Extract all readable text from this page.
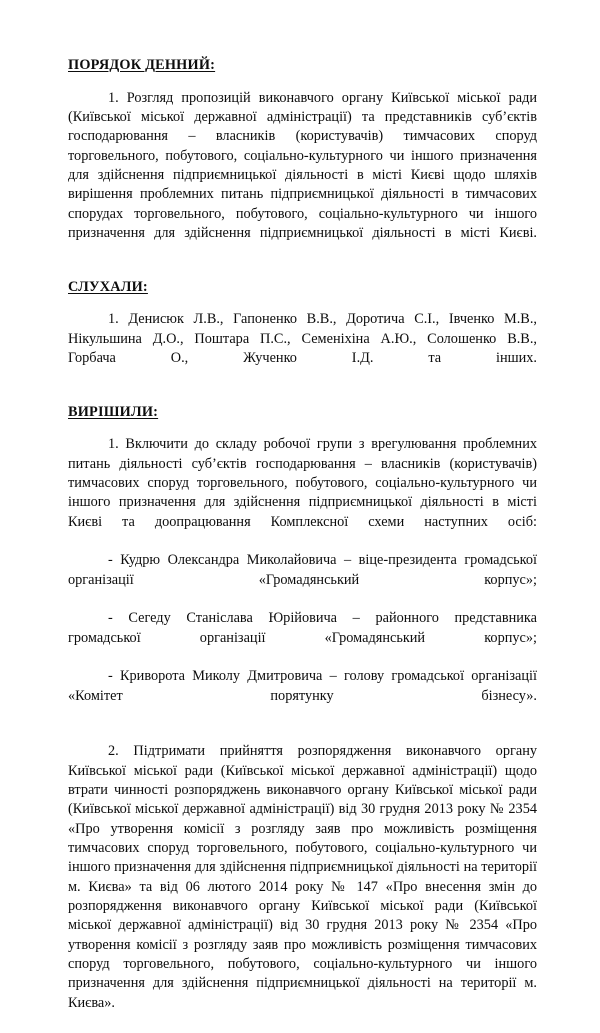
ПОРЯДОК ДЕННИЙ:

1. Розгляд пропозицій виконавчого органу Київської міської ради (Київської міської державної адміністрації) та представників суб’єктів господарювання – власників (користувачів) тимчасових споруд торговельного, побутового, соціально-культурного чи іншого призначення для здійснення підприємницької діяльності в місті Києві щодо шляхів вирішення проблемних питань підприємницької діяльності в тимчасових спорудах торговельного, побутового, соціально-культурного чи іншого призначення для здійснення підприємницької діяльності в місті Києві.

СЛУХАЛИ:

1. Денисюк Л.В., Гапоненко В.В., Доротича С.І., Івченко М.В., Нікульшина Д.О., Поштара П.С., Семеніхіна А.Ю., Солошенко В.В., Горбача О., Жученко І.Д. та інших.

ВИРІШИЛИ:

1. Включити до складу робочої групи з врегулювання проблемних питань діяльності суб’єктів господарювання – власників (користувачів) тимчасових споруд торговельного, побутового, соціально-культурного чи іншого призначення для здійснення підприємницької діяльності в місті Києві та доопрацювання Комплексної схеми наступних осіб:

- Кудрю Олександра Миколайовича – віце-президента громадської організації «Громадянський корпус»;

- Сегеду Станіслава Юрійовича – районного представника громадської організації «Громадянський корпус»;

- Криворота Миколу Дмитровича – голову громадської організації «Комітет порятунку бізнесу».

2. Підтримати прийняття розпорядження виконавчого органу Київської міської ради (Київської міської державної адміністрації) щодо втрати чинності розпоряджень виконавчого органу Київської міської ради (Київської міської державної адміністрації) від 30 грудня 2013 року № 2354 «Про утворення комісії з розгляду заяв про можливість розміщення тимчасових споруд торговельного, побутового, соціально-культурного чи іншого призначення для здійснення підприємницької діяльності на території м. Києва» та від 06 лютого 2014 року № 147 «Про внесення змін до розпорядження виконавчого органу Київської міської ради (Київської міської державної адміністрації) від 30 грудня 2013 року № 2354 «Про утворення комісії з розгляду заяв про можливість розміщення тимчасових споруд торговельного, побутового, соціально-культурного чи іншого призначення для здійснення підприємницької діяльності на території м. Києва».
